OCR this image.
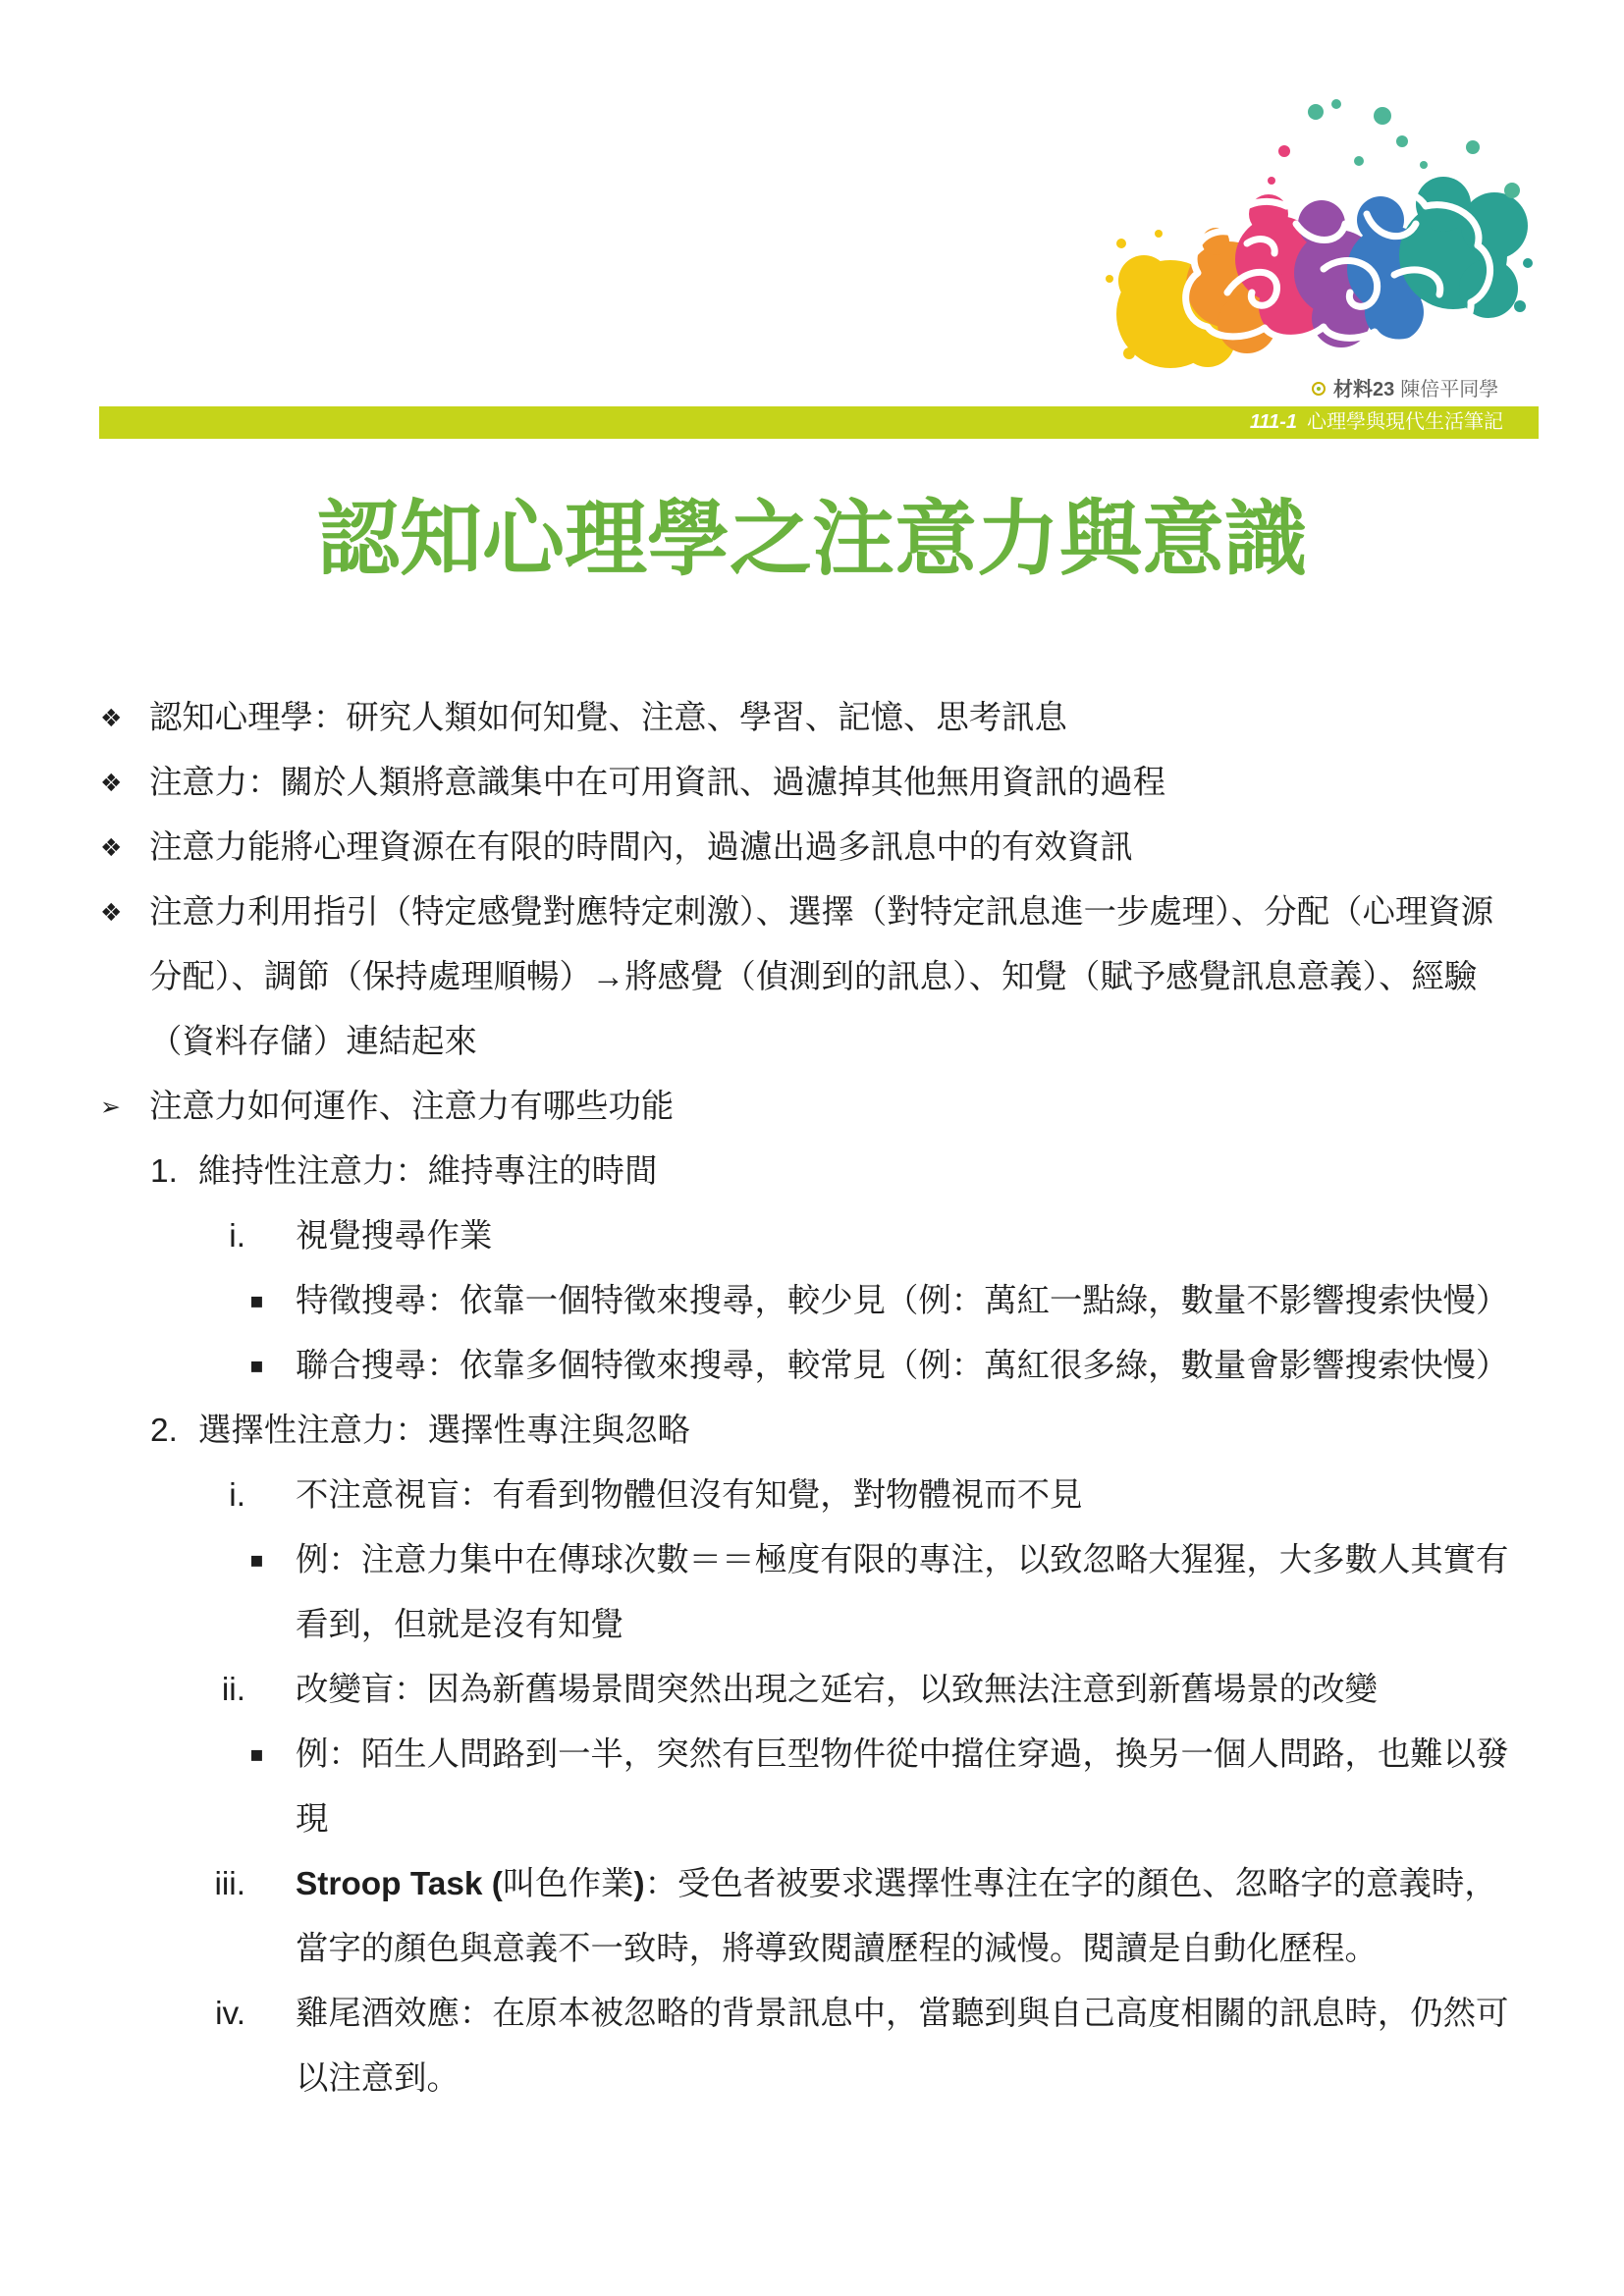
材料23 陳倍平同學
111-1 心理學與現代生活筆記
認知心理學之注意力與意識
❖ 認知心理學：研究人類如何知覺、注意、學習、記憶、思考訊息
❖ 注意力：關於人類將意識集中在可用資訊、過濾掉其他無用資訊的過程
❖ 注意力能將心理資源在有限的時間內，過濾出過多訊息中的有效資訊
❖ 注意力利用指引（特定感覺對應特定刺激）、選擇（對特定訊息進一步處理）、分配（心理資源
分配）、調節（保持處理順暢）→將感覺（偵測到的訊息）、知覺（賦予感覺訊息意義）、經驗
（資料存儲）連結起來
➢ 注意力如何運作、注意力有哪些功能
1. 維持性注意力：維持專注的時間
i. 視覺搜尋作業
▪ 特徵搜尋：依靠一個特徵來搜尋，較少見（例：萬紅一點綠，數量不影響搜索快慢）
▪ 聯合搜尋：依靠多個特徵來搜尋，較常見（例：萬紅很多綠，數量會影響搜索快慢）
2. 選擇性注意力：選擇性專注與忽略
i. 不注意視盲：有看到物體但沒有知覺，對物體視而不見
▪ 例：注意力集中在傳球次數＝＝極度有限的專注，以致忽略大猩猩，大多數人其實有
看到，但就是沒有知覺
ii. 改變盲：因為新舊場景間突然出現之延宕，以致無法注意到新舊場景的改變
▪ 例：陌生人問路到一半，突然有巨型物件從中擋住穿過，換另一個人問路，也難以發
現
iii. Stroop Task (叫色作業)：受色者被要求選擇性專注在字的顏色、忽略字的意義時，
當字的顏色與意義不一致時，將導致閱讀歷程的減慢。閱讀是自動化歷程。
iv. 雞尾酒效應：在原本被忽略的背景訊息中，當聽到與自己高度相關的訊息時，仍然可
以注意到。
